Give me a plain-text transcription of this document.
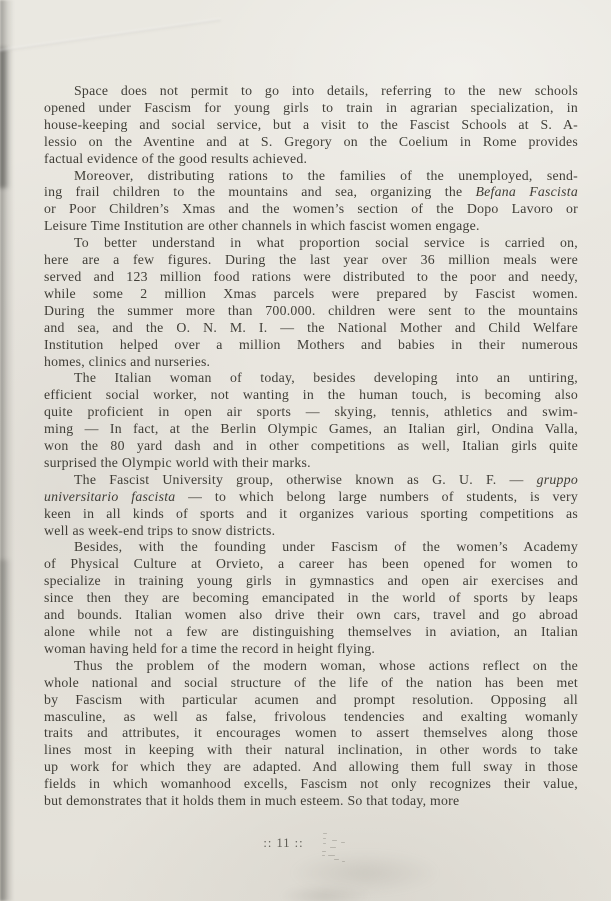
Space does not permit to go into details, referring to the new schools
opened under Fascism for young girls to train in agrarian specialization, in
house-keeping and social service, but a visit to the Fascist Schools at S. A-
lessio on the Aventine and at S. Gregory on the Coelium in Rome provides
factual evidence of the good results achieved.
Moreover, distributing rations to the families of the unemployed, send-
ing frail children to the mountains and sea, organizing the Befana Fascista
or Poor Children’s Xmas and the women’s section of the Dopo Lavoro or
Leisure Time Institution are other channels in which fascist women engage.
To better understand in what proportion social service is carried on,
here are a few figures. During the last year over 36 million meals were
served and 123 million food rations were distributed to the poor and needy,
while some 2 million Xmas parcels were prepared by Fascist women.
During the summer more than 700.000. children were sent to the mountains
and sea, and the O. N. M. I. — the National Mother and Child Welfare
Institution helped over a million Mothers and babies in their numerous
homes, clinics and nurseries.
The Italian woman of today, besides developing into an untiring,
efficient social worker, not wanting in the human touch, is becoming also
quite proficient in open air sports — skying, tennis, athletics and swim-
ming — In fact, at the Berlin Olympic Games, an Italian girl, Ondina Valla,
won the 80 yard dash and in other competitions as well, Italian girls quite
surprised the Olympic world with their marks.
The Fascist University group, otherwise known as G. U. F. — gruppo
universitario fascista — to which belong large numbers of students, is very
keen in all kinds of sports and it organizes various sporting competitions as
well as week-end trips to snow districts.
Besides, with the founding under Fascism of the women’s Academy
of Physical Culture at Orvieto, a career has been opened for women to
specialize in training young girls in gymnastics and open air exercises and
since then they are becoming emancipated in the world of sports by leaps
and bounds. Italian women also drive their own cars, travel and go abroad
alone while not a few are distinguishing themselves in aviation, an Italian
woman having held for a time the record in height flying.
Thus the problem of the modern woman, whose actions reflect on the
whole national and social structure of the life of the nation has been met
by Fascism with particular acumen and prompt resolution. Opposing all
masculine, as well as false, frivolous tendencies and exalting womanly
traits and attributes, it encourages women to assert themselves along those
lines most in keeping with their natural inclination, in other words to take
up work for which they are adapted. And allowing them full sway in those
fields in which womanhood excells, Fascism not only recognizes their value,
but demonstrates that it holds them in much esteem. So that today, more
:: 11 ::
